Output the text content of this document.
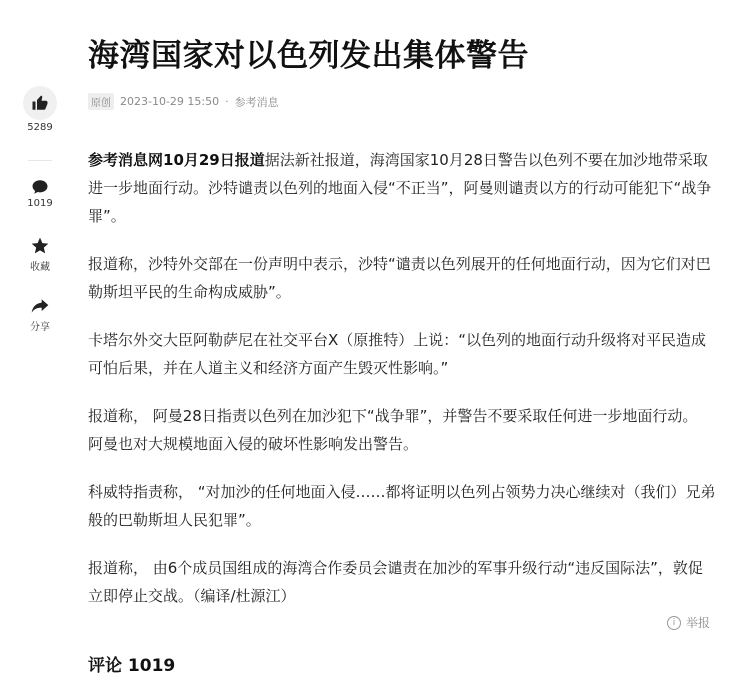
5289
1019
收藏
分享
海湾国家对以色列发出集体警告
原创 2023-10-29 15:50 · 参考消息

参考消息网10月29日报道据法新社报道，海湾国家10月28日警告以色列不要在加沙地带采取进一步地面行动。沙特谴责以色列的地面入侵“不正当”，阿曼则谴责以方的行动可能犯下“战争罪”。

报道称，沙特外交部在一份声明中表示，沙特“谴责以色列展开的任何地面行动，因为它们对巴勒斯坦平民的生命构成威胁”。

卡塔尔外交大臣阿勒萨尼在社交平台X（原推特）上说：“以色列的地面行动升级将对平民造成可怕后果，并在人道主义和经济方面产生毁灭性影响。”

报道称， 阿曼28日指责以色列在加沙犯下“战争罪”，并警告不要采取任何进一步地面行动。 阿曼也对大规模地面入侵的破坏性影响发出警告。

科威特指责称， “对加沙的任何地面入侵……都将证明以色列占领势力决心继续对（我们）兄弟般的巴勒斯坦人民犯罪”。

报道称， 由6个成员国组成的海湾合作委员会谴责在加沙的军事升级行动“违反国际法”，敦促立即停止交战。（编译/杜源江）

i 举报
评论 1019
